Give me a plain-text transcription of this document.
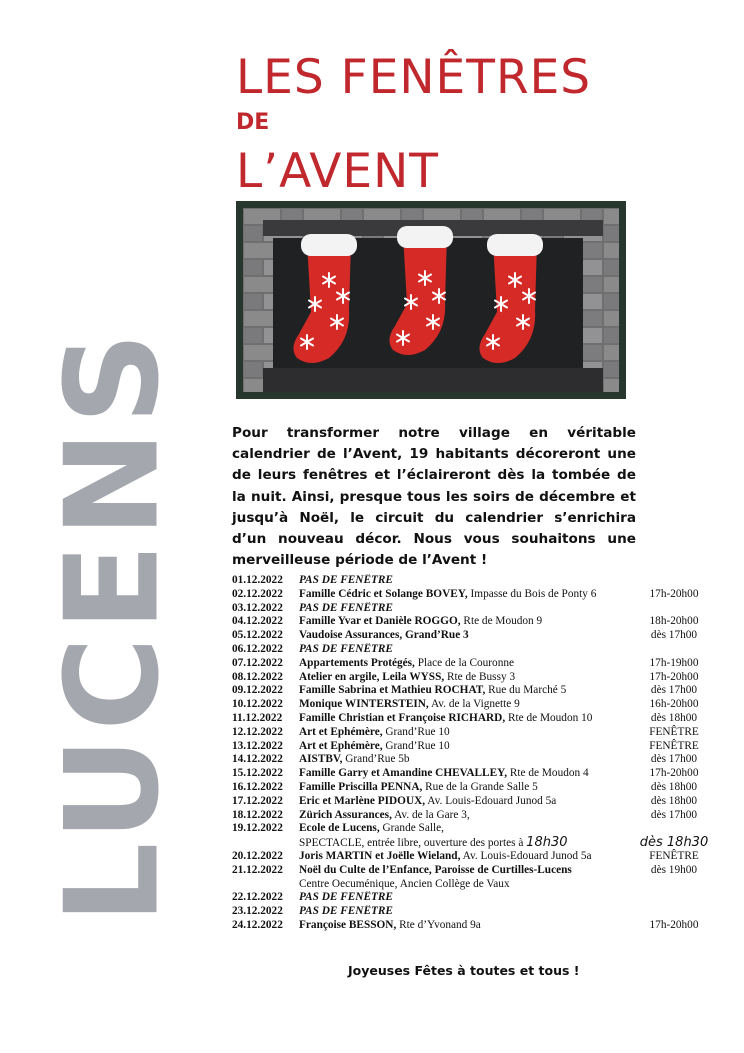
LES FENÊTRES
DE
L’AVENT
LUCENS	Pour transformer notre village en véritable calendrier de l’Avent, 19 habitants décoreront une de leurs fenêtres et l’éclaireront dès la tombée de la nuit. Ainsi, presque tous les soirs de décembre et jusqu’à Noël, le circuit du calendrier s’enrichira d’un nouveau décor. Nous vous souhaitons une merveilleuse période de l’Avent !
01.12.2022	PAS DE FENÊTRE
02.12.2022	Famille Cédric et Solange BOVEY, Impasse du Bois de Ponty 6	17h-20h00
03.12.2022	PAS DE FENÊTRE
04.12.2022	Famille Yvar et Danièle ROGGO, Rte de Moudon 9	18h-20h00
05.12.2022	Vaudoise Assurances, Grand’Rue 3	dès 17h00
06.12.2022	PAS DE FENÊTRE
07.12.2022	Appartements Protégés, Place de la Couronne	17h-19h00
08.12.2022	Atelier en argile, Leila WYSS, Rte de Bussy 3	17h-20h00
09.12.2022	Famille Sabrina et Mathieu ROCHAT, Rue du Marché 5	dès 17h00
10.12.2022	Monique WINTERSTEIN, Av. de la Vignette 9	16h-20h00
11.12.2022	Famille Christian et Françoise RICHARD, Rte de Moudon 10	dès 18h00
12.12.2022	Art et Ephémère, Grand’Rue 10	FENÊTRE
13.12.2022	Art et Ephémère, Grand’Rue 10	FENÊTRE
14.12.2022	AISTBV, Grand’Rue 5b	dès 17h00
15.12.2022	Famille Garry et Amandine CHEVALLEY, Rte de Moudon 4	17h-20h00
16.12.2022	Famille Priscilla PENNA, Rue de la Grande Salle 5	dès 18h00
17.12.2022	Eric et Marlène PIDOUX, Av. Louis-Edouard Junod 5a	dès 18h00
18.12.2022	Zürich Assurances, Av. de la Gare 3,	dès 17h00
19.12.2022	Ecole de Lucens, Grande Salle,
SPECTACLE, entrée libre, ouverture des portes à 18h30	dès 18h30
20.12.2022	Joris MARTIN et Joëlle Wieland, Av. Louis-Edouard Junod 5a	FENÊTRE
21.12.2022	Noël du Culte de l’Enfance, Paroisse de Curtilles-Lucens	dès 19h00
Centre Oecuménique, Ancien Collège de Vaux
22.12.2022	PAS DE FENÊTRE
23.12.2022	PAS DE FENÊTRE
24.12.2022	Françoise BESSON, Rte d’Yvonand 9a	17h-20h00
Joyeuses Fêtes à toutes et tous !
